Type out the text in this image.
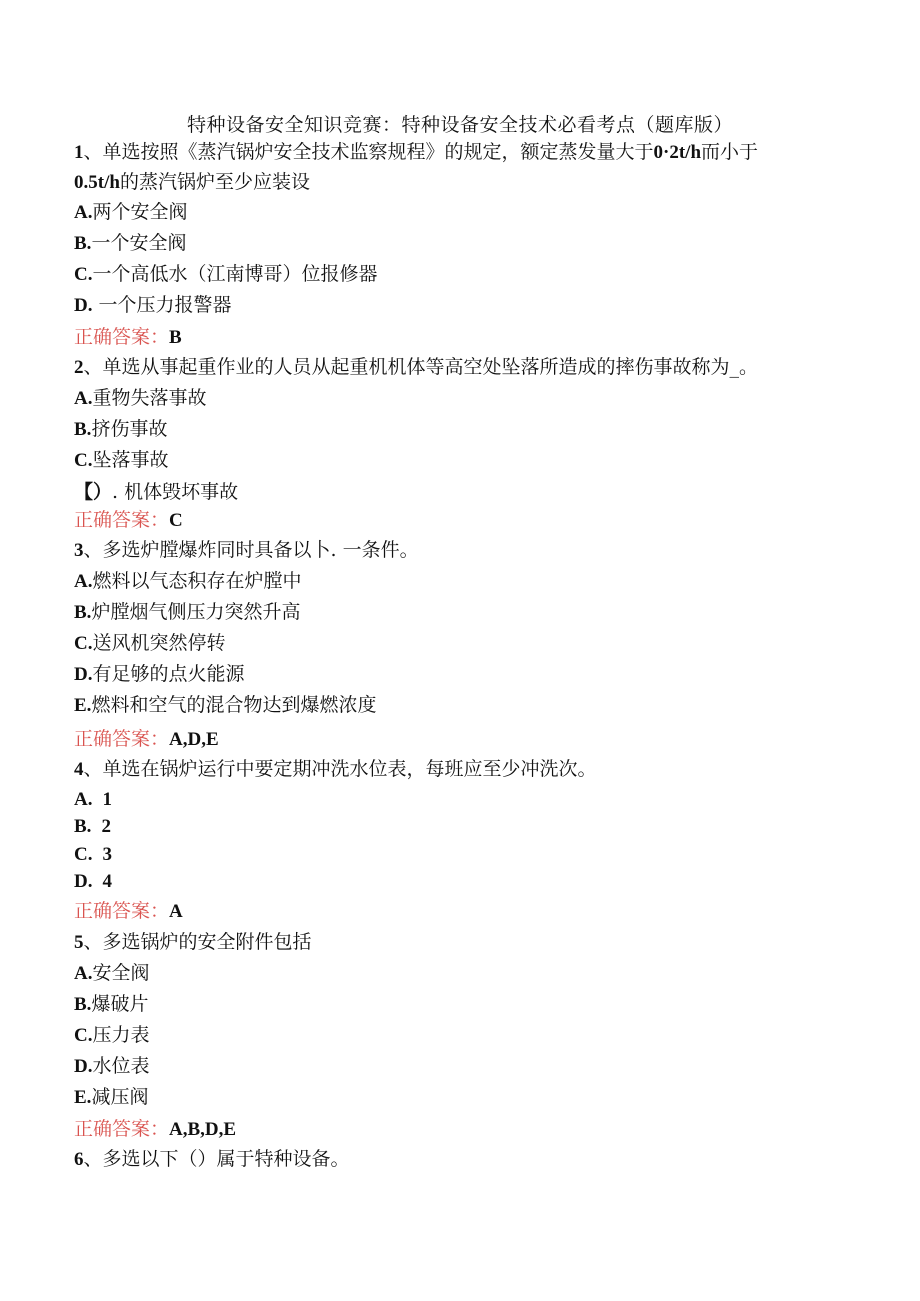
特种设备安全知识竞赛：特种设备安全技术必看考点（题库版）
1、单选按照《蒸汽锅炉安全技术监察规程》的规定，额定蒸发量大于0·2t/h而小于
0.5t/h的蒸汽锅炉至少应装设
A.两个安全阀
B.一个安全阀
C.一个高低水（江南博哥）位报修器
D. 一个压力报警器
正确答案：B
2、单选从事起重作业的人员从起重机机体等高空处坠落所造成的摔伤事故称为_。
A.重物失落事故
B.挤伤事故
C.坠落事故
【）. 机体毁坏事故
正确答案：C
3、多选炉膛爆炸同时具备以卜. 一条件。
A.燃料以气态积存在炉膛中
B.炉膛烟气侧压力突然升高
C.送风机突然停转
D.有足够的点火能源
E.燃料和空气的混合物达到爆燃浓度
正确答案：A,D,E
4、单选在锅炉运行中要定期冲洗水位表，每班应至少冲洗次。
A. 1
B. 2
C. 3
D. 4
正确答案：A
5、多选锅炉的安全附件包括
A.安全阀
B.爆破片
C.压力表
D.水位表
E.减压阀
正确答案：A,B,D,E
6、多选以下（）属于特种设备。
